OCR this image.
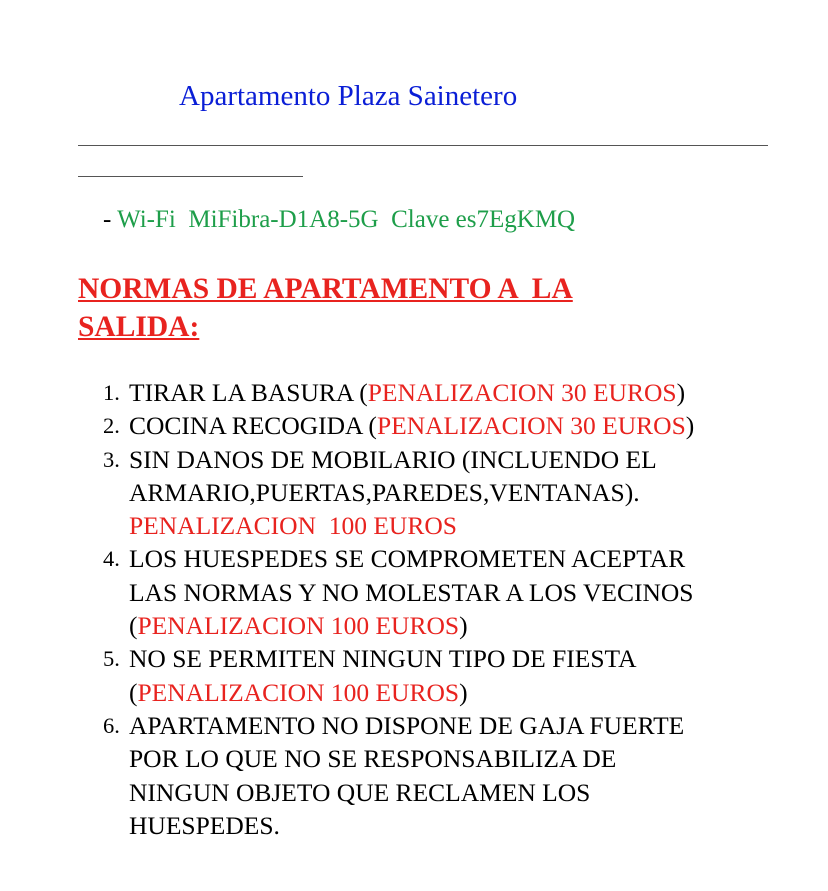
Apartamento Plaza Sainetero
- Wi-Fi  MiFibra-D1A8-5G  Clave es7EgKMQ
NORMAS DE APARTAMENTO A  LA
SALIDA:
1. TIRAR LA BASURA (PENALIZACION 30 EUROS)
2. COCINA RECOGIDA (PENALIZACION 30 EUROS)
3. SIN DANOS DE MOBILARIO (INCLUENDO EL
ARMARIO,PUERTAS,PAREDES,VENTANAS).
PENALIZACION  100 EUROS
4. LOS HUESPEDES SE COMPROMETEN ACEPTAR
LAS NORMAS Y NO MOLESTAR A LOS VECINOS
(PENALIZACION 100 EUROS)
5. NO SE PERMITEN NINGUN TIPO DE FIESTA
(PENALIZACION 100 EUROS)
6. APARTAMENTO NO DISPONE DE GAJA FUERTE
POR LO QUE NO SE RESPONSABILIZA DE
NINGUN OBJETO QUE RECLAMEN LOS
HUESPEDES.
